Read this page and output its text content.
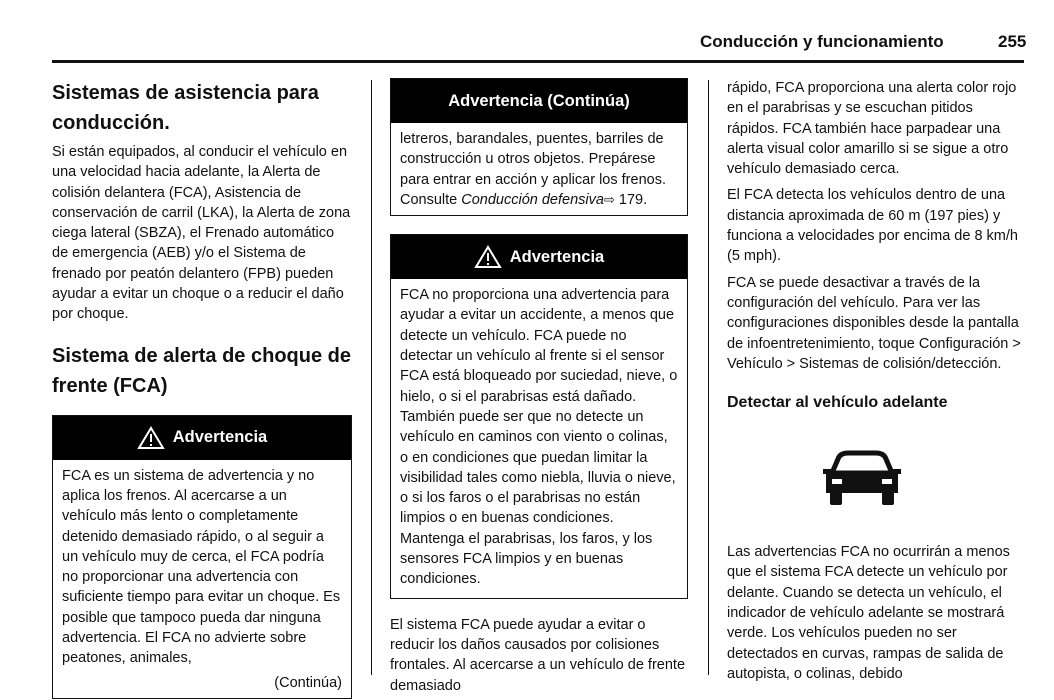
Conducción y funcionamiento	255
Sistemas de asistencia para conducción.

Si están equipados, al conducir el vehículo en una velocidad hacia adelante, la Alerta de colisión delantera (FCA), Asistencia de conservación de carril (LKA), la Alerta de zona ciega lateral (SBZA), el Frenado automático de emergencia (AEB) y/o el Sistema de frenado por peatón delantero (FPB) pueden ayudar a evitar un choque o a reducir el daño por choque.

Sistema de alerta de choque de frente (FCA)
Advertencia

FCA es un sistema de advertencia y no aplica los frenos. Al acercarse a un vehículo más lento o completamente detenido demasiado rápido, o al seguir a un vehículo muy de cerca, el FCA podría no proporcionar una advertencia con suficiente tiempo para evitar un choque. Es posible que tampoco pueda dar ninguna advertencia. El FCA no advierte sobre peatones, animales,

(Continúa)
Advertencia (Continúa)

letreros, barandales, puentes, barriles de construcción u otros objetos. Prepárese para entrar en acción y aplicar los frenos. Consulte Conducción defensiva⇨ 179.

Advertencia

FCA no proporciona una advertencia para ayudar a evitar un accidente, a menos que detecte un vehículo. FCA puede no detectar un vehículo al frente si el sensor FCA está bloqueado por suciedad, nieve, o hielo, o si el parabrisas está dañado. También puede ser que no detecte un vehículo en caminos con viento o colinas, o en condiciones que puedan limitar la visibilidad tales como niebla, lluvia o nieve, o si los faros o el parabrisas no están limpios o en buenas condiciones. Mantenga el parabrisas, los faros, y los sensores FCA limpios y en buenas condiciones.

El sistema FCA puede ayudar a evitar o reducir los daños causados por colisiones frontales. Al acercarse a un vehículo de frente demasiado

rápido, FCA proporciona una alerta color rojo en el parabrisas y se escuchan pitidos rápidos. FCA también hace parpadear una alerta visual color amarillo si se sigue a otro vehículo demasiado cerca.

El FCA detecta los vehículos dentro de una distancia aproximada de 60 m (197 pies) y funciona a velocidades por encima de 8 km/h (5 mph).

FCA se puede desactivar a través de la configuración del vehículo. Para ver las configuraciones disponibles desde la pantalla de infoentretenimiento, toque Configuración > Vehículo > Sistemas de colisión/detección.

Detectar al vehículo adelante

Las advertencias FCA no ocurrirán a menos que el sistema FCA detecte un vehículo por delante. Cuando se detecta un vehículo, el indicador de vehículo adelante se mostrará verde. Los vehículos pueden no ser detectados en curvas, rampas de salida de autopista, o colinas, debido
